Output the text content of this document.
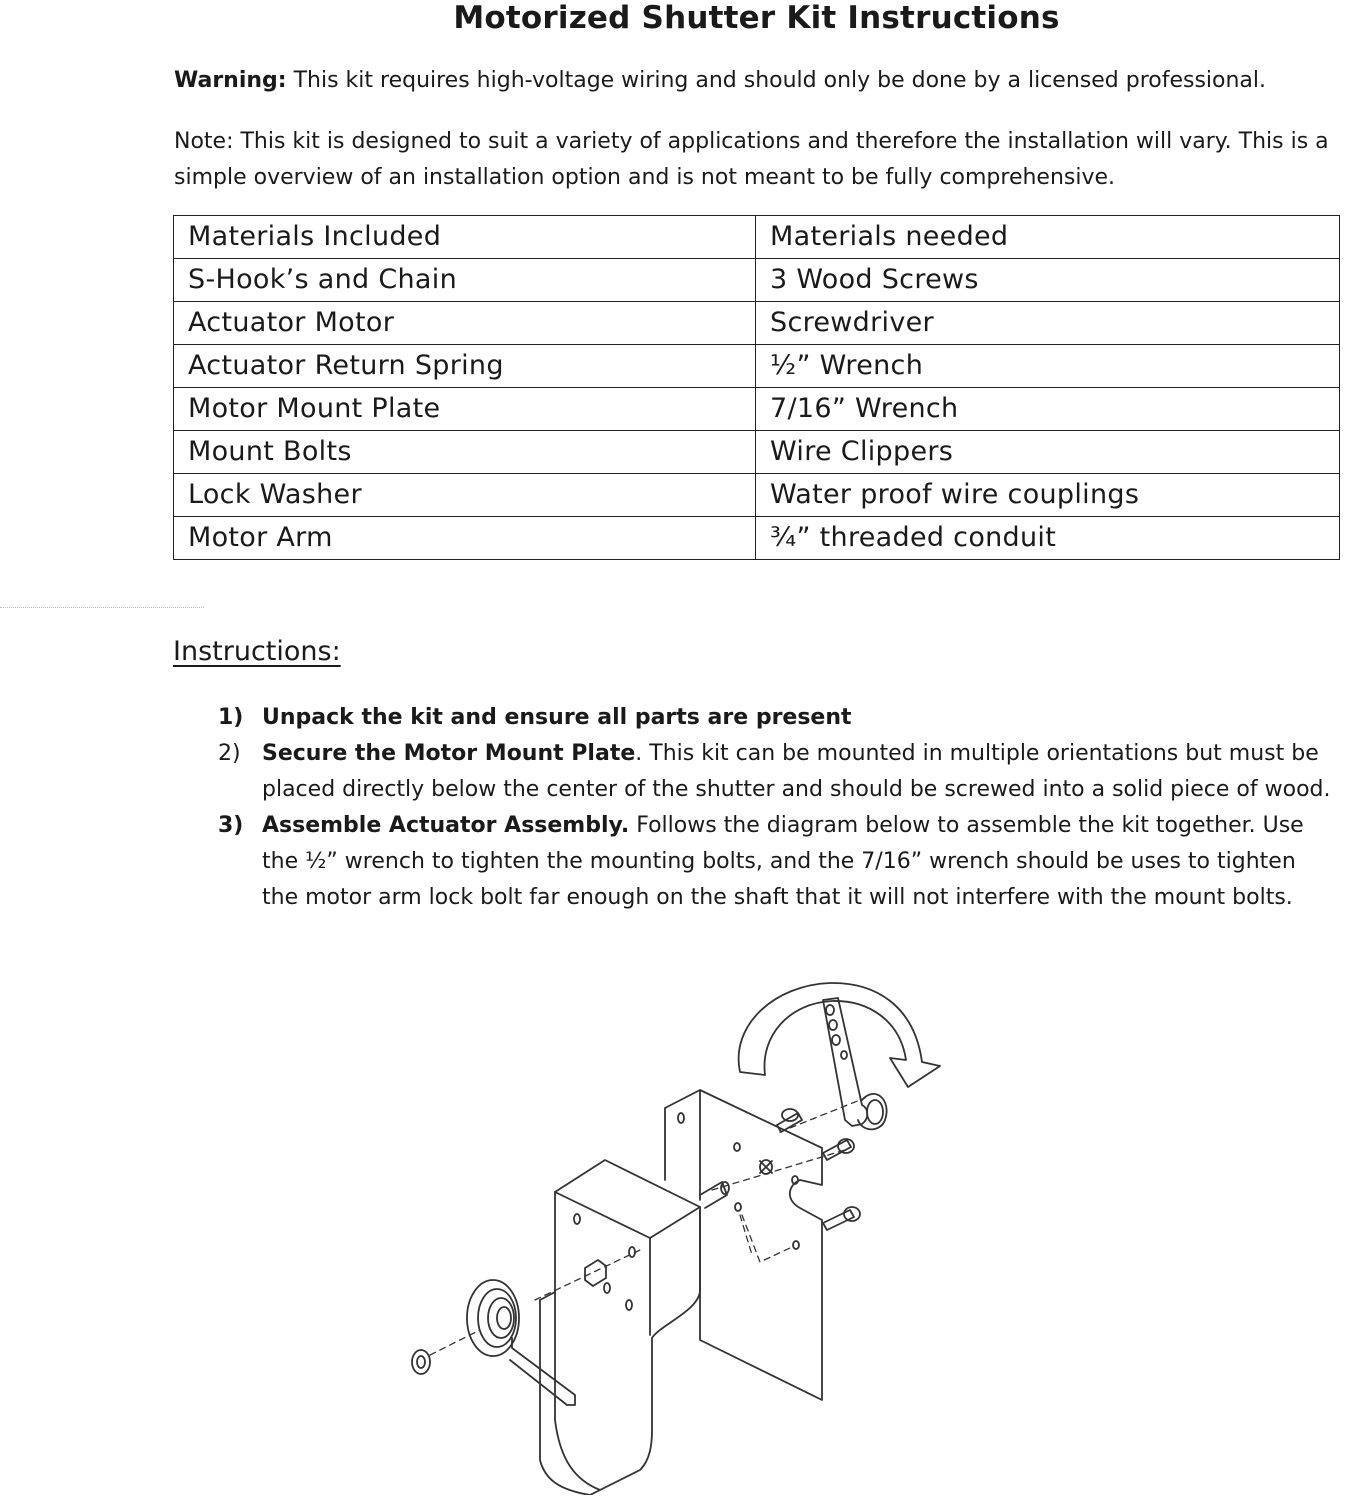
Motorized Shutter Kit Instructions
Warning: This kit requires high-voltage wiring and should only be done by a licensed professional.
Note: This kit is designed to suit a variety of applications and therefore the installation will vary. This is a simple overview of an installation option and is not meant to be fully comprehensive.
Materials Included	Materials needed
S-Hook’s and Chain	3 Wood Screws
Actuator Motor	Screwdriver
Actuator Return Spring	½” Wrench
Motor Mount Plate	7/16” Wrench
Mount Bolts	Wire Clippers
Lock Washer	Water proof wire couplings
Motor Arm	¾” threaded conduit
Instructions:
1) Unpack the kit and ensure all parts are present
2) Secure the Motor Mount Plate. This kit can be mounted in multiple orientations but must be placed directly below the center of the shutter and should be screwed into a solid piece of wood.
3) Assemble Actuator Assembly. Follows the diagram below to assemble the kit together. Use the ½” wrench to tighten the mounting bolts, and the 7/16” wrench should be uses to tighten the motor arm lock bolt far enough on the shaft that it will not interfere with the mount bolts.
